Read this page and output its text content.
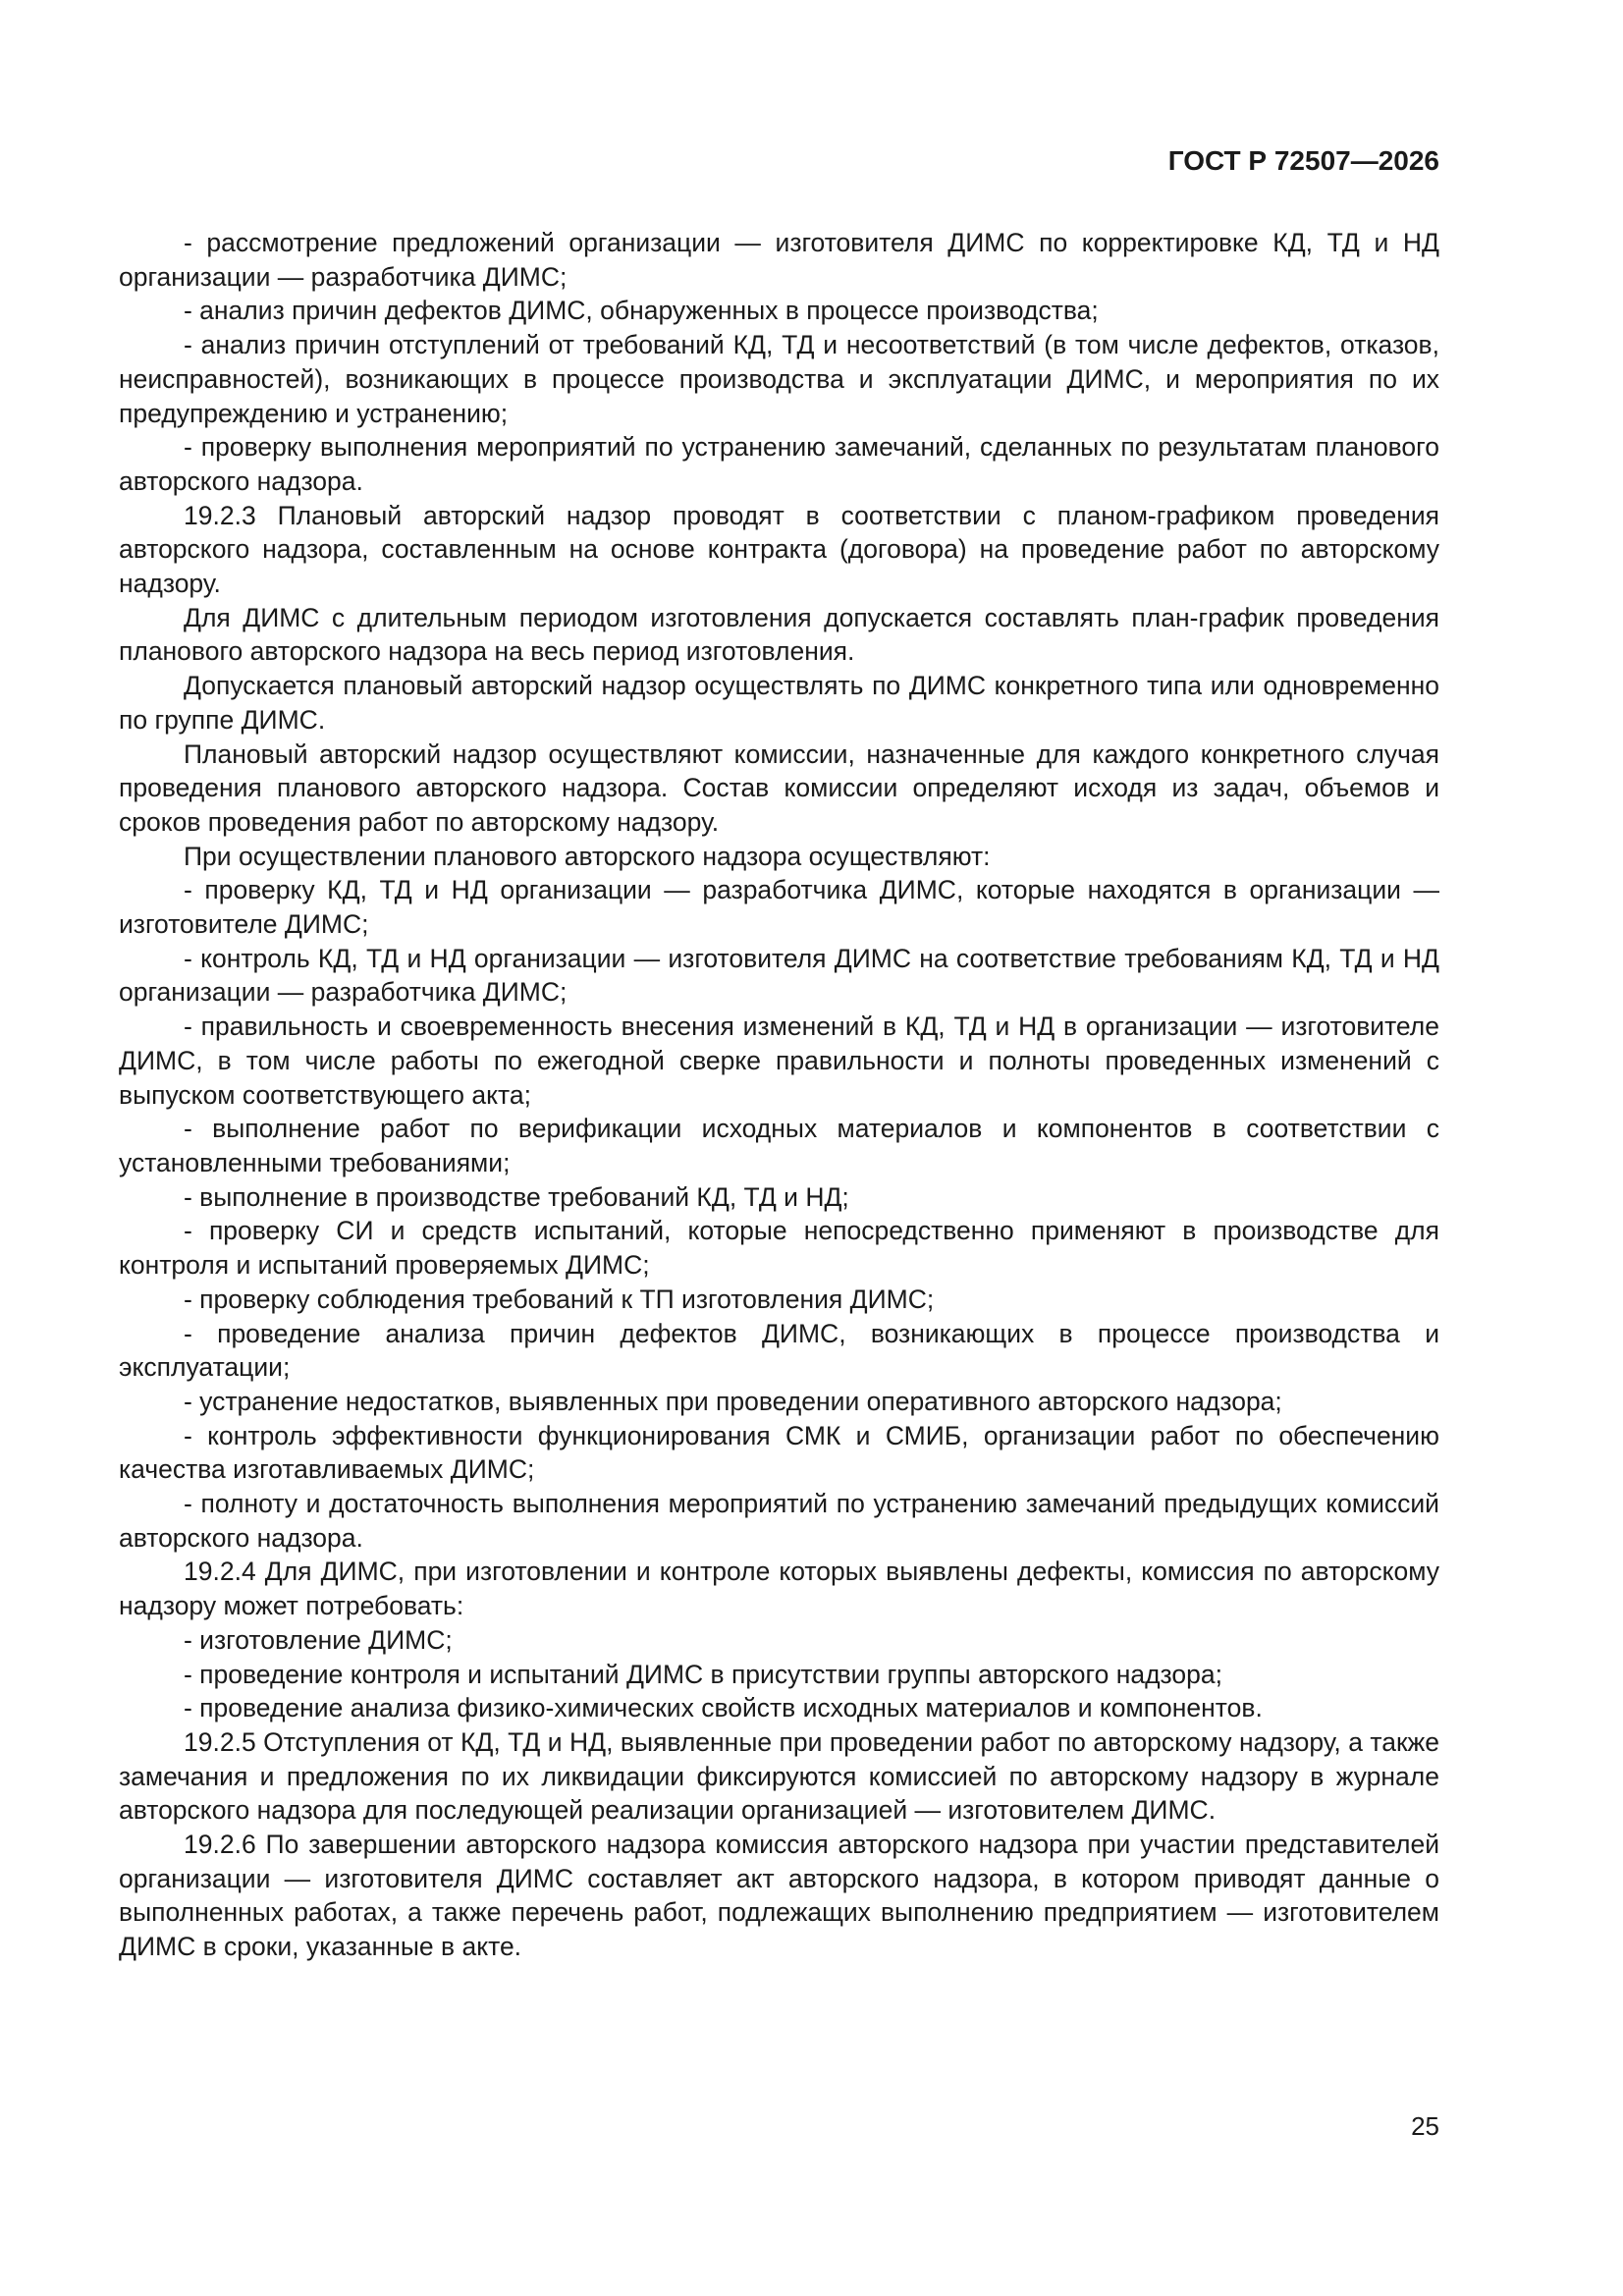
ГОСТ Р 72507—2026

- рассмотрение предложений организации — изготовителя ДИМС по корректировке КД, ТД и НД организации — разработчика ДИМС;

- анализ причин дефектов ДИМС, обнаруженных в процессе производства;

- анализ причин отступлений от требований КД, ТД и несоответствий (в том числе дефектов, отказов, неисправностей), возникающих в процессе производства и эксплуатации ДИМС, и мероприятия по их предупреждению и устранению;

- проверку выполнения мероприятий по устранению замечаний, сделанных по результатам планового авторского надзора.

19.2.3 Плановый авторский надзор проводят в соответствии с планом-графиком проведения авторского надзора, составленным на основе контракта (договора) на проведение работ по авторскому надзору.

Для ДИМС с длительным периодом изготовления допускается составлять план-график проведения планового авторского надзора на весь период изготовления.

Допускается плановый авторский надзор осуществлять по ДИМС конкретного типа или одновременно по группе ДИМС.

Плановый авторский надзор осуществляют комиссии, назначенные для каждого конкретного случая проведения планового авторского надзора. Состав комиссии определяют исходя из задач, объемов и сроков проведения работ по авторскому надзору.

При осуществлении планового авторского надзора осуществляют:

- проверку КД, ТД и НД организации — разработчика ДИМС, которые находятся в организации — изготовителе ДИМС;

- контроль КД, ТД и НД организации — изготовителя ДИМС на соответствие требованиям КД, ТД и НД организации — разработчика ДИМС;

- правильность и своевременность внесения изменений в КД, ТД и НД в организации — изготовителе ДИМС, в том числе работы по ежегодной сверке правильности и полноты проведенных изменений с выпуском соответствующего акта;

- выполнение работ по верификации исходных материалов и компонентов в соответствии с установленными требованиями;

- выполнение в производстве требований КД, ТД и НД;

- проверку СИ и средств испытаний, которые непосредственно применяют в производстве для контроля и испытаний проверяемых ДИМС;

- проверку соблюдения требований к ТП изготовления ДИМС;

- проведение анализа причин дефектов ДИМС, возникающих в процессе производства и эксплуатации;

- устранение недостатков, выявленных при проведении оперативного авторского надзора;

- контроль эффективности функционирования СМК и СМИБ, организации работ по обеспечению качества изготавливаемых ДИМС;

- полноту и достаточность выполнения мероприятий по устранению замечаний предыдущих комиссий авторского надзора.

19.2.4 Для ДИМС, при изготовлении и контроле которых выявлены дефекты, комиссия по авторскому надзору может потребовать:

- изготовление ДИМС;

- проведение контроля и испытаний ДИМС в присутствии группы авторского надзора;

- проведение анализа физико-химических свойств исходных материалов и компонентов.

19.2.5 Отступления от КД, ТД и НД, выявленные при проведении работ по авторскому надзору, а также замечания и предложения по их ликвидации фиксируются комиссией по авторскому надзору в журнале авторского надзора для последующей реализации организацией — изготовителем ДИМС.

19.2.6 По завершении авторского надзора комиссия авторского надзора при участии представителей организации — изготовителя ДИМС составляет акт авторского надзора, в котором приводят данные о выполненных работах, а также перечень работ, подлежащих выполнению предприятием — изготовителем ДИМС в сроки, указанные в акте.

25
